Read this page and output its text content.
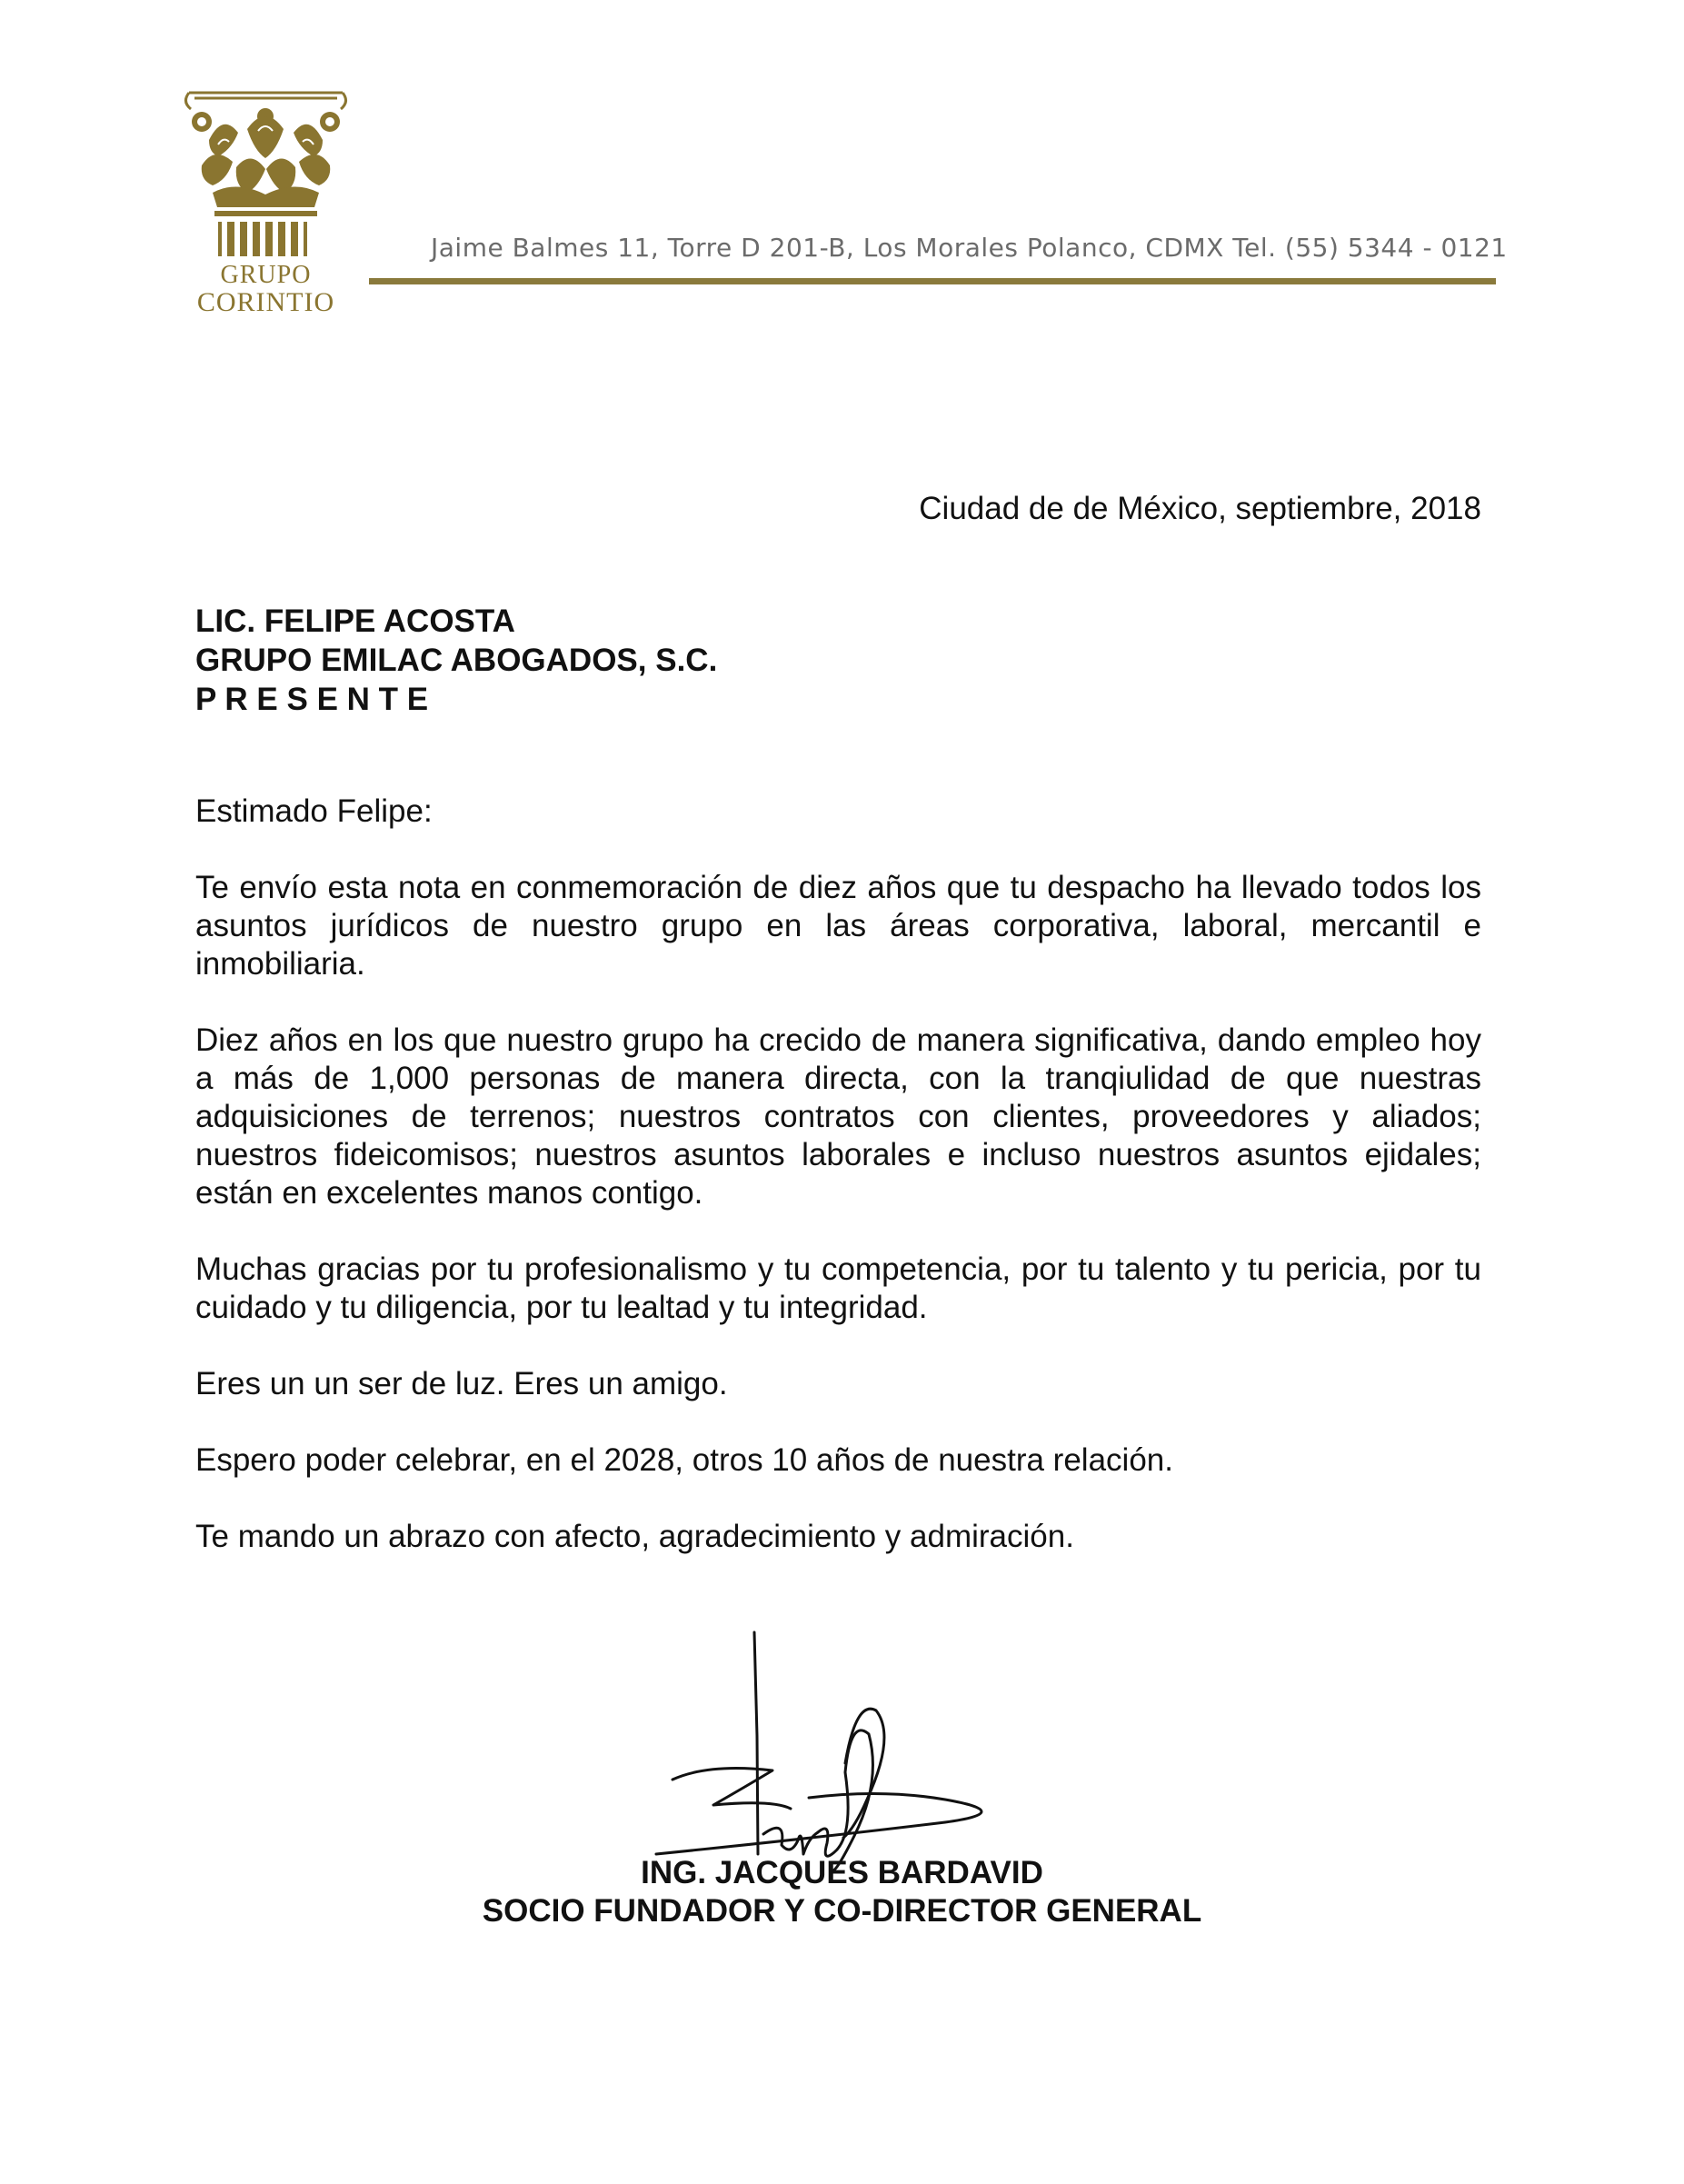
GRUPO
CORINTIO
Jaime Balmes 11, Torre D 201-B, Los Morales Polanco, CDMX Tel. (55) 5344 - 0121
Ciudad de de México, septiembre, 2018
LIC. FELIPE ACOSTA
GRUPO EMILAC ABOGADOS, S.C.
P R E S E N T E

Estimado Felipe:

Te envío esta nota en conmemoración de diez años que tu despacho ha llevado todos los asuntos jurídicos de nuestro grupo en las áreas corporativa, laboral, mercantil e inmobiliaria.

Diez años en los que nuestro grupo ha crecido de manera significativa, dando empleo hoy a más de 1,000 personas de manera directa, con la tranqiulidad de que nuestras adquisiciones de terrenos; nuestros contratos con clientes, proveedores y aliados; nuestros fideicomisos; nuestros asuntos laborales e incluso nuestros asuntos ejidales; están en excelentes manos contigo.

Muchas gracias por tu profesionalismo y tu competencia, por tu talento y tu pericia, por tu cuidado y tu diligencia, por tu lealtad y tu integridad.

Eres un un ser de luz. Eres un amigo.

Espero poder celebrar, en el 2028, otros 10 años de nuestra relación.

Te mando un abrazo con afecto, agradecimiento y admiración.

ING. JACQUES BARDAVID
SOCIO FUNDADOR Y CO-DIRECTOR GENERAL
